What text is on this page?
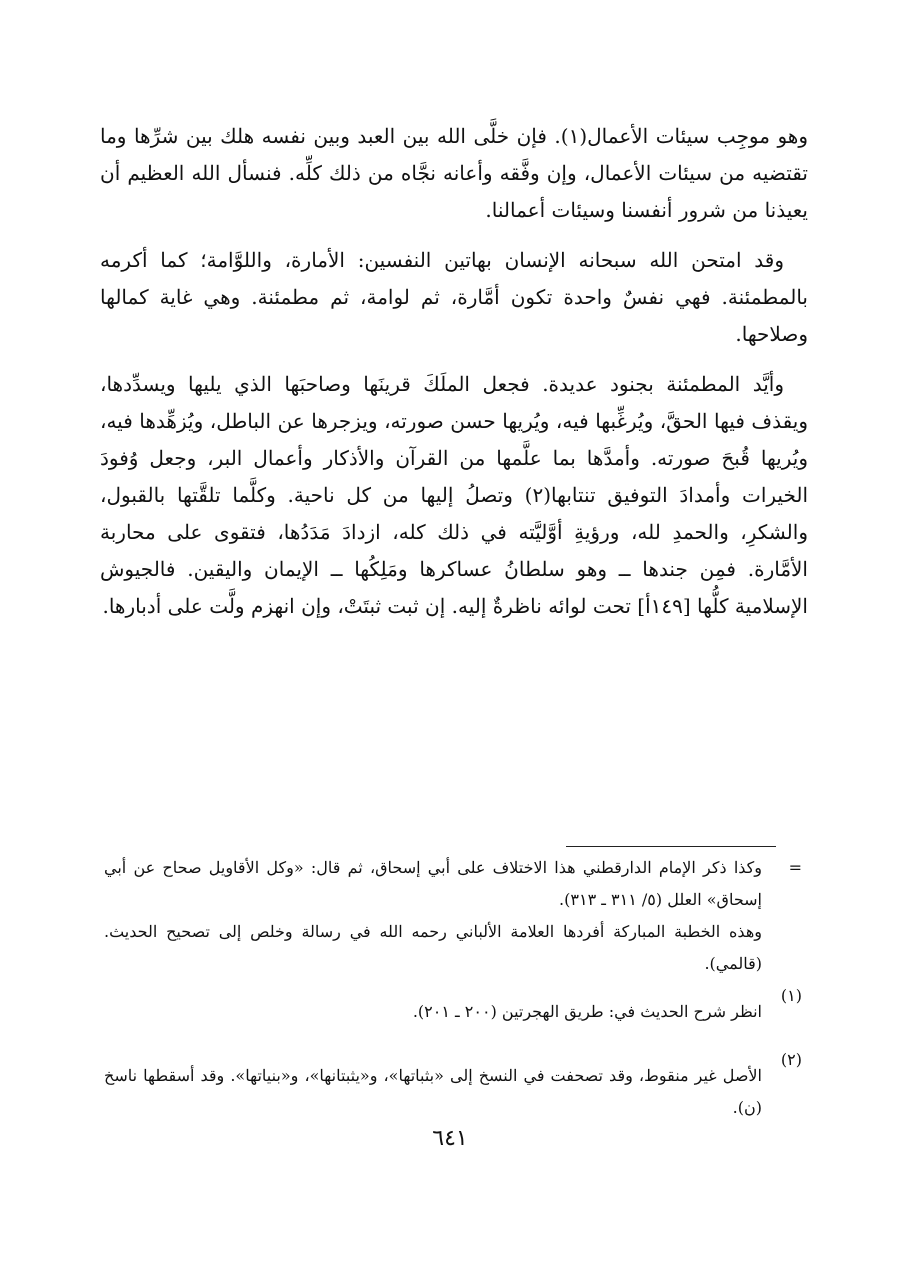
وهو موجِب سيئات الأعمال(١). فإن خلَّى الله بين العبد وبين نفسه هلك بين شرِّها وما تقتضيه من سيئات الأعمال، وإن وفَّقه وأعانه نجَّاه من ذلك كلِّه. فنسأل الله العظيم أن يعيذنا من شرور أنفسنا وسيئات أعمالنا.

وقد امتحن الله سبحانه الإنسان بهاتين النفسين: الأمارة، واللوَّامة؛ كما أكرمه بالمطمئنة. فهي نفسٌ واحدة تكون أمَّارة، ثم لوامة، ثم مطمئنة. وهي غاية كمالها وصلاحها.

وأيَّد المطمئنة بجنود عديدة. فجعل الملَكَ قرينَها وصاحبَها الذي يليها ويسدِّدها، ويقذف فيها الحقَّ، ويُرغِّبها فيه، ويُريها حسن صورته، ويزجرها عن الباطل، ويُزهِّدها فيه، ويُريها قُبحَ صورته. وأمدَّها بما علَّمها من القرآن والأذكار وأعمال البر، وجعل وُفودَ الخيرات وأمدادَ التوفيق تنتابها(٢) وتصلُ إليها من كل ناحية. وكلَّما تلقَّتها بالقبول، والشكرِ، والحمدِ لله، ورؤيةِ أوَّليَّته في ذلك كله، ازدادَ مَدَدُها، فتقوى على محاربة الأمَّارة. فمِن جندها ــ وهو سلطانُ عساكرها ومَلِكُها ــ الإيمان واليقين. فالجيوش الإسلامية كلُّها [١٤٩أ] تحت لوائه ناظرةٌ إليه. إن ثبت ثبتَتْ، وإن انهزم ولَّت على أدبارها.

=

وكذا ذكر الإمام الدارقطني هذا الاختلاف على أبي إسحاق، ثم قال: «وكل الأقاويل صحاح عن أبي إسحاق» العلل (٥/ ٣١١ ـ ٣١٣).

وهذه الخطبة المباركة أفردها العلامة الألباني رحمه الله في رسالة وخلص إلى تصحيح الحديث. (قالمي).

(١)

انظر شرح الحديث في: طريق الهجرتين (٢٠٠ ـ ٢٠١).

(٢)

الأصل غير منقوط، وقد تصحفت في النسخ إلى «بثباتها»، و«يثبتانها»، و«بنياتها». وقد أسقطها ناسخ (ن).

٦٤١
